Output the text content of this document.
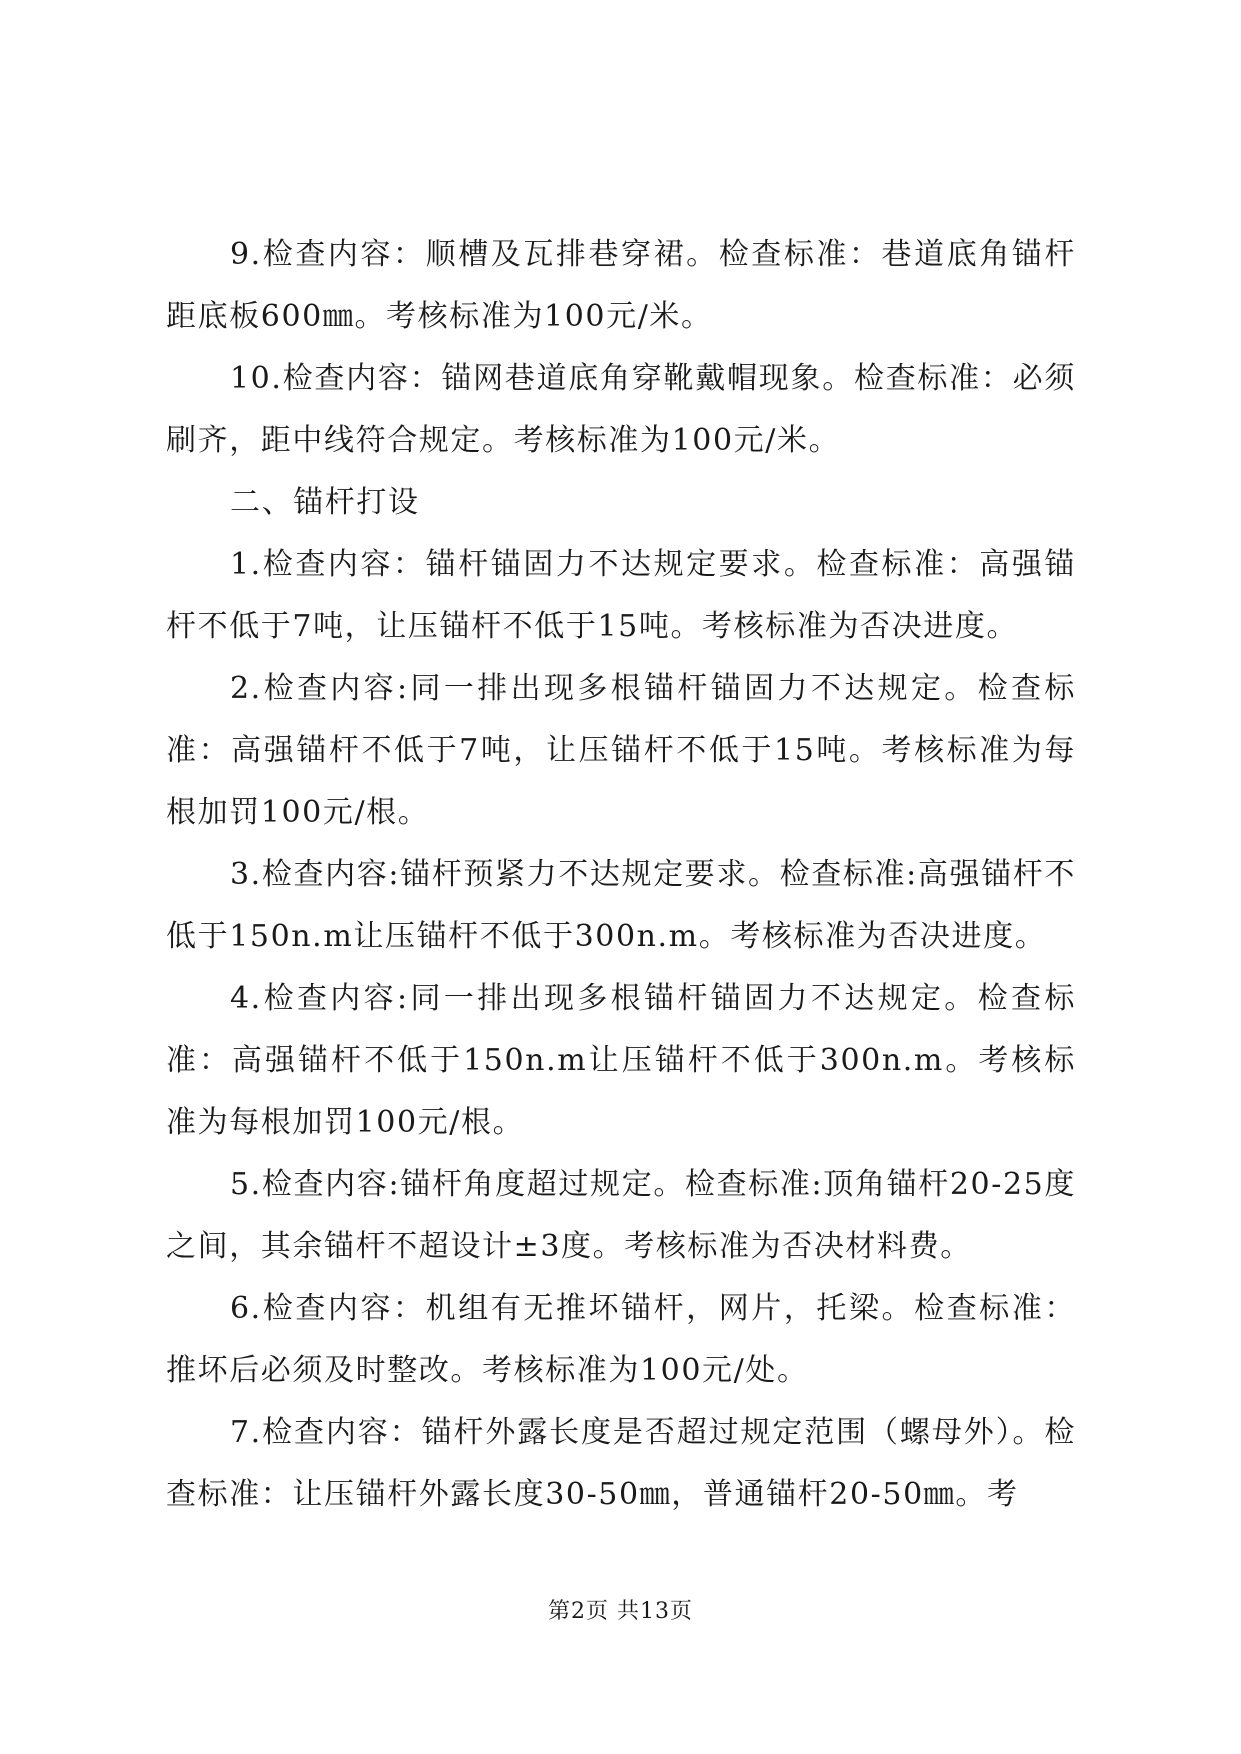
9.检查内容：顺槽及瓦排巷穿裙。检查标准：巷道底角锚杆距底板600㎜。考核标准为100元/米。

10.检查内容：锚网巷道底角穿靴戴帽现象。检查标准：必须刷齐，距中线符合规定。考核标准为100元/米。

二、锚杆打设

1.检查内容：锚杆锚固力不达规定要求。检查标准：高强锚杆不低于7吨，让压锚杆不低于15吨。考核标准为否决进度。

2.检查内容:同一排出现多根锚杆锚固力不达规定。检查标准：高强锚杆不低于7吨，让压锚杆不低于15吨。考核标准为每根加罚100元/根。

3.检查内容:锚杆预紧力不达规定要求。检查标准:高强锚杆不低于150n.m让压锚杆不低于300n.m。考核标准为否决进度。

4.检查内容:同一排出现多根锚杆锚固力不达规定。检查标准：高强锚杆不低于150n.m让压锚杆不低于300n.m。考核标准为每根加罚100元/根。

5.检查内容:锚杆角度超过规定。检查标准:顶角锚杆20-25度之间，其余锚杆不超设计±3度。考核标准为否决材料费。

6.检查内容：机组有无推坏锚杆，网片，托梁。检查标准：推坏后必须及时整改。考核标准为100元/处。

7.检查内容：锚杆外露长度是否超过规定范围（螺母外）。检查标准：让压锚杆外露长度30-50㎜，普通锚杆20-50㎜。考

第2页 共13页
